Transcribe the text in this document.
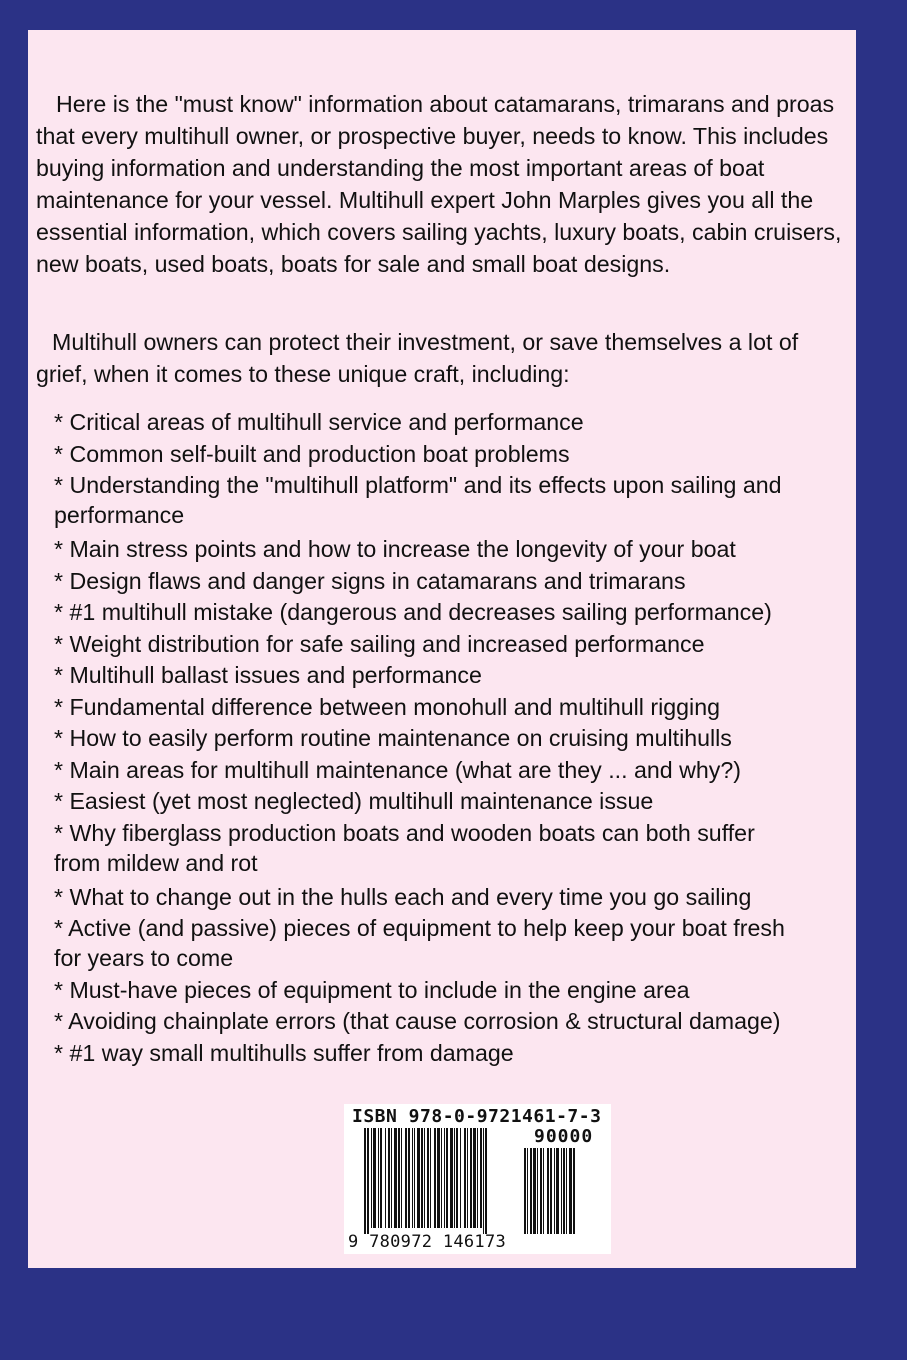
Here is the "must know" information about catamarans, trimarans and proas that every multihull owner, or prospective buyer, needs to know. This includes buying information and understanding the most important areas of boat maintenance for your vessel. Multihull expert John Marples gives you all the essential information, which covers sailing yachts, luxury boats, cabin cruisers, new boats, used boats, boats for sale and small boat designs.

Multihull owners can protect their investment, or save themselves a lot of grief, when it comes to these unique craft, including:

* Critical areas of multihull service and performance
* Common self-built and production boat problems
* Understanding the "multihull platform" and its effects upon sailing and performance
* Main stress points and how to increase the longevity of your boat
* Design flaws and danger signs in catamarans and trimarans
* #1 multihull mistake (dangerous and decreases sailing performance)
* Weight distribution for safe sailing and increased performance
* Multihull ballast issues and performance
* Fundamental difference between monohull and multihull rigging
* How to easily perform routine maintenance on cruising multihulls
* Main areas for multihull maintenance (what are they ... and why?)
* Easiest (yet most neglected) multihull maintenance issue
* Why fiberglass production boats and wooden boats can both suffer from mildew and rot
* What to change out in the hulls each and every time you go sailing
* Active (and passive) pieces of equipment to help keep your boat fresh for years to come
* Must-have pieces of equipment to include in the engine area
* Avoiding chainplate errors (that cause corrosion & structural damage)
* #1 way small multihulls suffer from damage
ISBN 978-0-9721461-7-3
90000
9 780972 146173
